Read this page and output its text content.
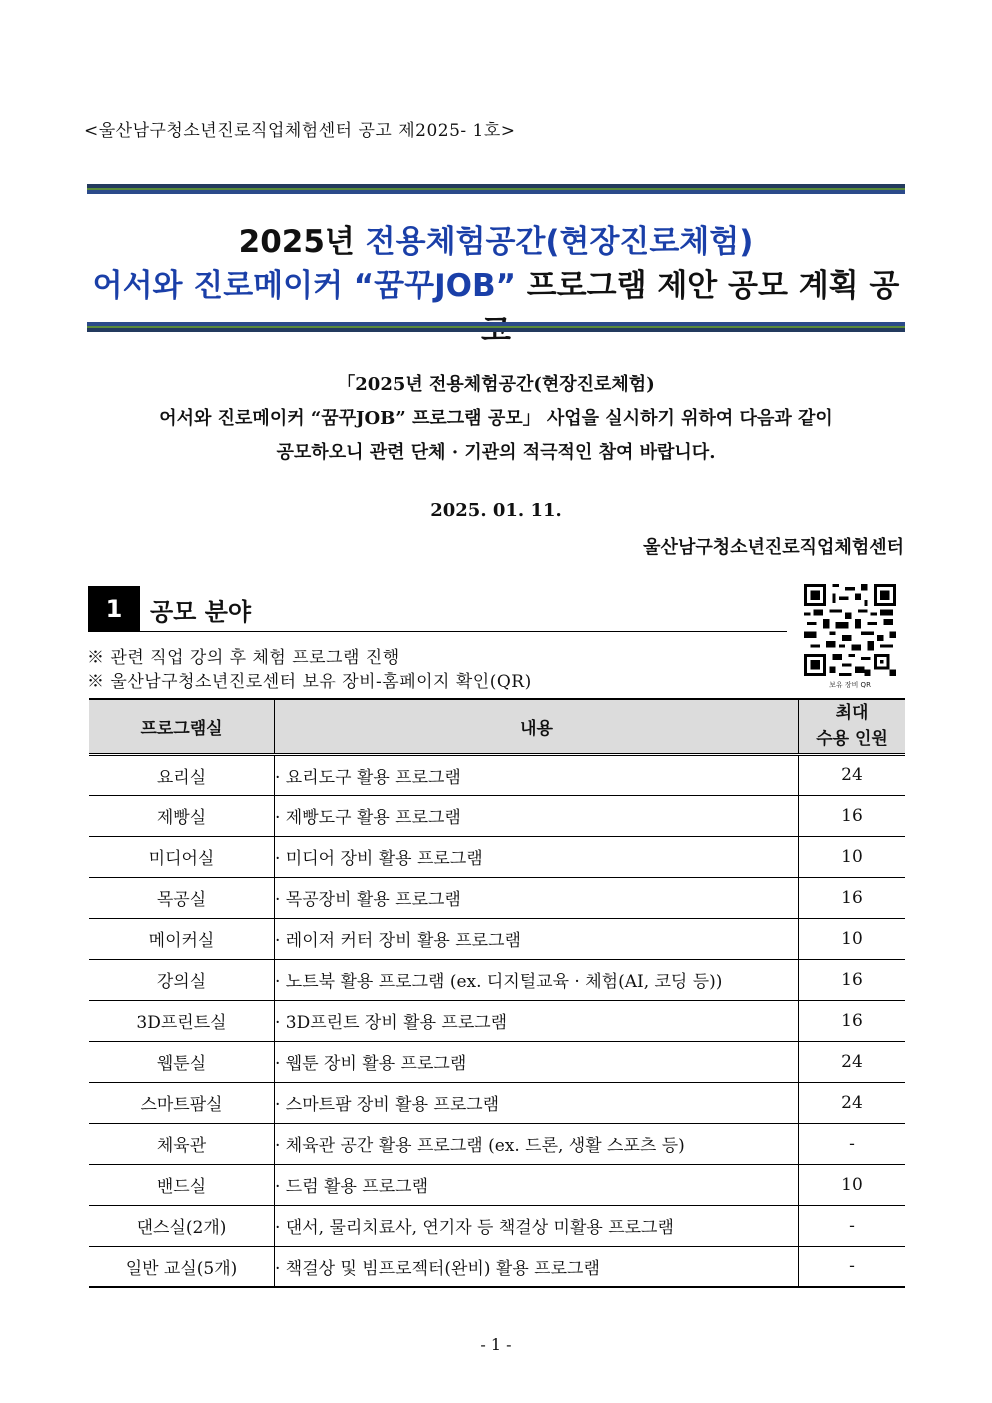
<울산남구청소년진로직업체험센터 공고 제2025- 1호>
2025년 전용체험공간(현장진로체험)
어서와 진로메이커 “꿈꾸JOB” 프로그램 제안 공모 계획 공
「2025년 전용체험공간(현장진로체험)
어서와 진로메이커 “꿈꾸JOB” 프로그램 공모」 사업을 실시하기 위하여 다음과 같이
공모하오니 관련 단체 · 기관의 적극적인 참여 바랍니다.
2025. 01. 11.
울산남구청소년진로직업체험센터
1	공모 분야
보유 장비 QR
※ 관련 직업 강의 후 체험 프로그램 진행
※ 울산남구청소년진로센터 보유 장비-홈페이지 확인(QR)
프로그램실	내용	최대
수용 인원

요리실	· 요리도구 활용 프로그램	24
제빵실	· 제빵도구 활용 프로그램	16
미디어실	· 미디어 장비 활용 프로그램	10
목공실	· 목공장비 활용 프로그램	16
메이커실	· 레이저 커터 장비 활용 프로그램	10
강의실	· 노트북 활용 프로그램 (ex. 디지털교육 · 체험(AI, 코딩 등))	16
3D프린트실	· 3D프린트 장비 활용 프로그램	16
웹툰실	· 웹툰 장비 활용 프로그램	24
스마트팜실	· 스마트팜 장비 활용 프로그램	24
체육관	· 체육관 공간 활용 프로그램 (ex. 드론, 생활 스포츠 등)	-
밴드실	· 드럼 활용 프로그램	10
댄스실(2개)	· 댄서, 물리치료사, 연기자 등 책걸상 미활용 프로그램	-
일반 교실(5개)	· 책걸상 및 빔프로젝터(완비) 활용 프로그램	-
- 1 -
